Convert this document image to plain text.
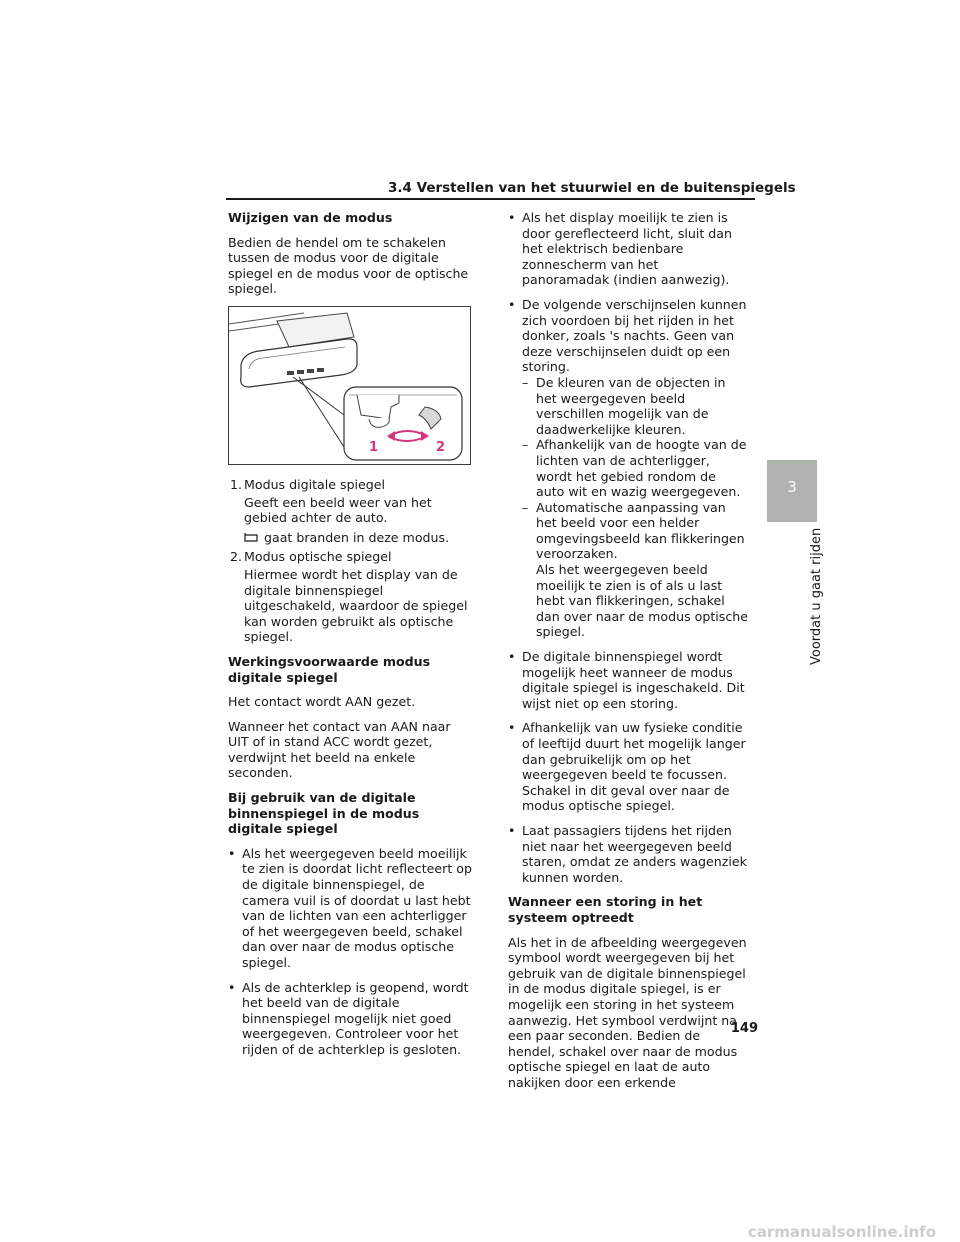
3.4 Verstellen van het stuurwiel en de buitenspiegels
Wijzigen van de modus

Bedien de hendel om te schakelen tussen de modus voor de digitale spiegel en de modus voor de optische spiegel.

1	2
1. Modus digitale spiegel
Geeft een beeld weer van het gebied achter de auto.
gaat branden in deze modus.
2. Modus optische spiegel
Hiermee wordt het display van de digitale binnenspiegel uitgeschakeld, waardoor de spiegel kan worden gebruikt als optische spiegel.
Werkingsvoorwaarde modus digitale spiegel

Het contact wordt AAN gezet.

Wanneer het contact van AAN naar UIT of in stand ACC wordt gezet, verdwijnt het beeld na enkele seconden.

Bij gebruik van de digitale binnenspiegel in de modus digitale spiegel
• Als het weergegeven beeld moeilijk te zien is doordat licht reflecteert op de digitale binnenspiegel, de camera vuil is of doordat u last hebt van de lichten van een achterligger of het weergegeven beeld, schakel dan over naar de modus optische spiegel.
• Als de achterklep is geopend, wordt het beeld van de digitale binnenspiegel mogelijk niet goed weergegeven. Controleer voor het rijden of de achterklep is gesloten.
• Als het display moeilijk te zien is door gereflecteerd licht, sluit dan het elektrisch bedienbare zonnescherm van het panoramadak (indien aanwezig).
• De volgende verschijnselen kunnen zich voordoen bij het rijden in het donker, zoals 's nachts. Geen van deze verschijnselen duidt op een storing.
– De kleuren van de objecten in het weergegeven beeld verschillen mogelijk van de daadwerkelijke kleuren.
– Afhankelijk van de hoogte van de lichten van de achterligger, wordt het gebied rondom de auto wit en wazig weergegeven.
– Automatische aanpassing van het beeld voor een helder omgevingsbeeld kan flikkeringen veroorzaken.
Als het weergegeven beeld moeilijk te zien is of als u last hebt van flikkeringen, schakel dan over naar de modus optische spiegel.
• De digitale binnenspiegel wordt mogelijk heet wanneer de modus digitale spiegel is ingeschakeld. Dit wijst niet op een storing.
• Afhankelijk van uw fysieke conditie of leeftijd duurt het mogelijk langer dan gebruikelijk om op het weergegeven beeld te focussen. Schakel in dit geval over naar de modus optische spiegel.
• Laat passagiers tijdens het rijden niet naar het weergegeven beeld staren, omdat ze anders wagenziek kunnen worden.
Wanneer een storing in het systeem optreedt

Als het in de afbeelding weergegeven symbool wordt weergegeven bij het gebruik van de digitale binnenspiegel in de modus digitale spiegel, is er mogelijk een storing in het systeem aanwezig. Het symbool verdwijnt na een paar seconden. Bedien de hendel, schakel over naar de modus optische spiegel en laat de auto nakijken door een erkende

3
Voordat u gaat rijden
149
carmanualsonline.info
